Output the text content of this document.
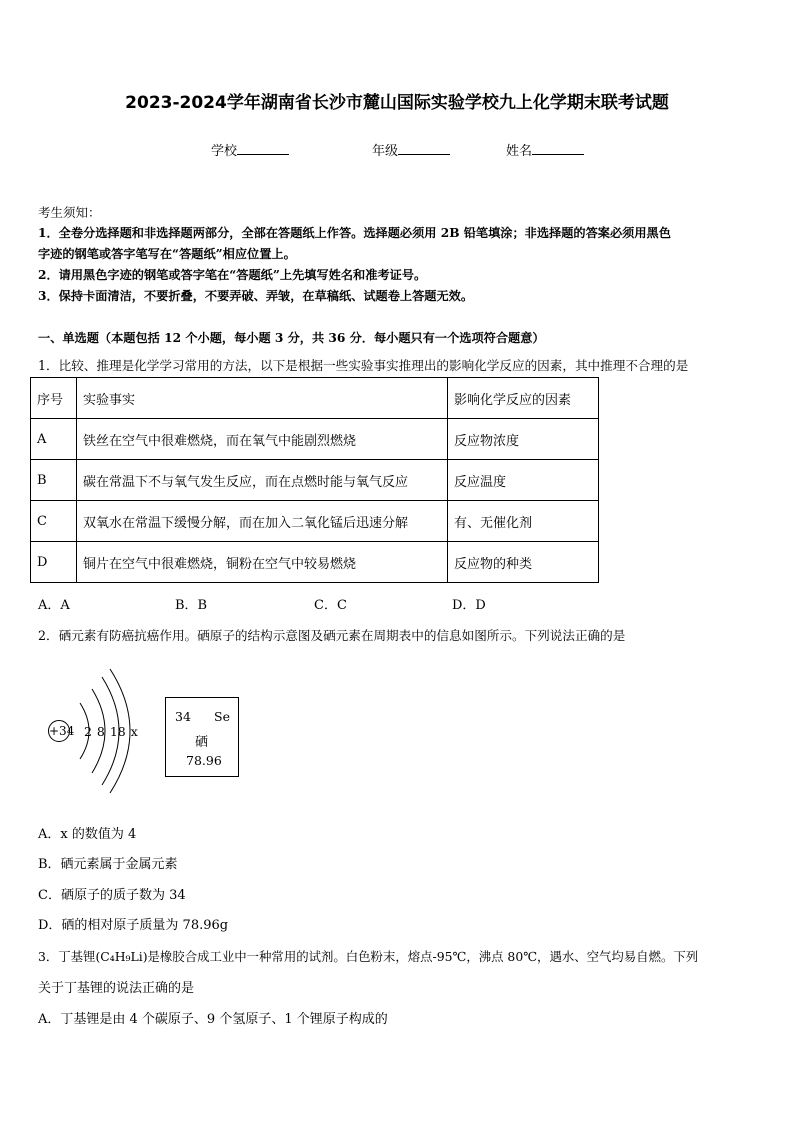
2023-2024学年湖南省长沙市麓山国际实验学校九上化学期末联考试题
学校	年级	姓名
考生须知：
1．全卷分选择题和非选择题两部分，全部在答题纸上作答。选择题必须用 2B 铅笔填涂；非选择题的答案必须用黑色
字迹的钢笔或答字笔写在“答题纸”相应位置上。
2．请用黑色字迹的钢笔或答字笔在“答题纸”上先填写姓名和准考证号。
3．保持卡面清洁，不要折叠，不要弄破、弄皱，在草稿纸、试题卷上答题无效。
一、单选题（本题包括 12 个小题，每小题 3 分，共 36 分．每小题只有一个选项符合题意）
1．比较、推理是化学学习常用的方法，以下是根据一些实验事实推理出的影响化学反应的因素，其中推理不合理的是
序号	实验事实	影响化学反应的因素
A	铁丝在空气中很难燃烧，而在氧气中能剧烈燃烧	反应物浓度
B	碳在常温下不与氧气发生反应，而在点燃时能与氧气反应	反应温度
C	双氧水在常温下缓慢分解，而在加入二氧化锰后迅速分解	有、无催化剂
D	铜片在空气中很难燃烧，铜粉在空气中较易燃烧	反应物的种类
A．A	B．B	C．C	D．D
2．硒元素有防癌抗癌作用。硒原子的结构示意图及硒元素在周期表中的信息如图所示。下列说法正确的是
+34 2 8 18 x
34 Se
硒
78.96
A．x 的数值为 4
B．硒元素属于金属元素
C．硒原子的质子数为 34
D．硒的相对原子质量为 78.96g
3．丁基锂(C₄H₉Li)是橡胶合成工业中一种常用的试剂。白色粉末，熔点-95℃，沸点 80℃，遇水、空气均易自燃。下列
关于丁基锂的说法正确的是
A．丁基锂是由 4 个碳原子、9 个氢原子、1 个锂原子构成的
